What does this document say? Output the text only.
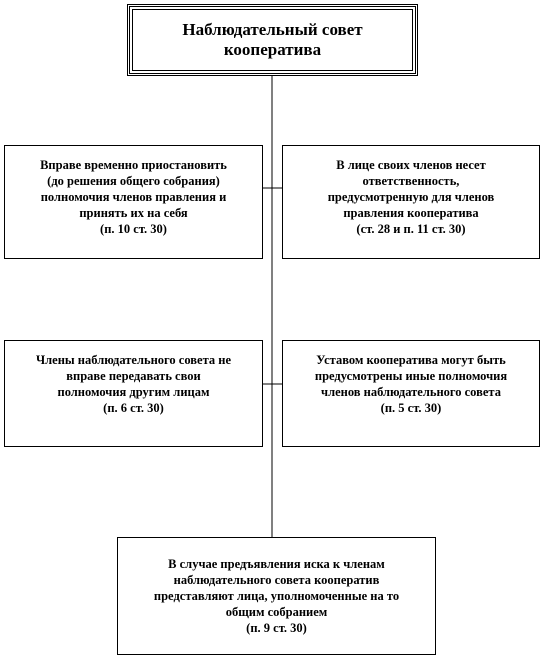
Наблюдательный совет
кооператива
Вправе временно приостановить
(до решения общего собрания)
полномочия членов правления и
принять их на себя
(п. 10 ст. 30)
В лице своих членов несет
ответственность,
предусмотренную для членов
правления кооператива
(ст. 28 и п. 11 ст. 30)
Члены наблюдательного совета не
вправе передавать свои
полномочия другим лицам
(п. 6 ст. 30)
Уставом кооператива могут быть
предусмотрены иные полномочия
членов наблюдательного совета
(п. 5 ст. 30)
В случае предъявления иска к членам
наблюдательного совета кооператив
представляют лица, уполномоченные на то
общим собранием
(п. 9 ст. 30)
